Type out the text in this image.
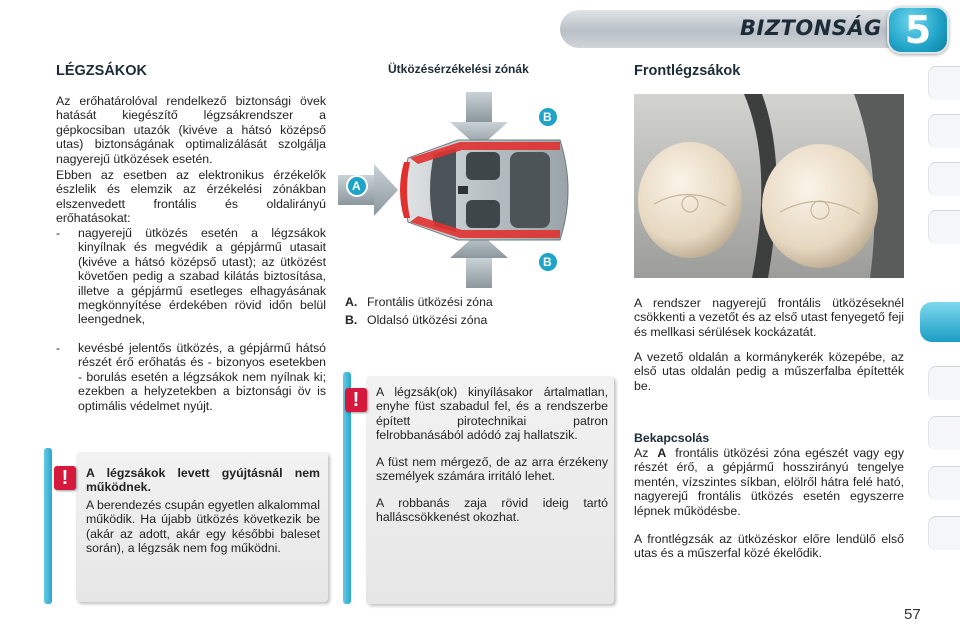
BIZTONSÁG 5
LÉGZSÁKOK
Az erőhatárolóval rendelkező biztonsági övek hatását kiegészítő légzsákrendszer a gépkocsiban utazók (kivéve a hátsó középső utas) biztonságának optimalizálását szolgálja nagyerejű ütközések esetén.
Ebben az esetben az elektronikus érzékelők észlelik és elemzik az érzékelési zónákban elszenvedett frontális és oldalirányú erőhatásokat:
- nagyerejű ütközés esetén a légzsákok kinyílnak és megvédik a gépjármű utasait (kivéve a hátsó középső utast); az ütközést követően pedig a szabad kilátás biztosítása, illetve a gépjármű esetleges elhagyásának megkönnyítése érdekében rövid időn belül leengednek,
- kevésbé jelentős ütközés, a gépjármű hátsó részét érő erőhatás és - bizonyos esetekben - borulás esetén a légzsákok nem nyílnak ki; ezekben a helyzetekben a biztonsági öv is optimális védelmet nyújt.
!	A légzsákok levett gyújtásnál nem működnek.
A berendezés csupán egyetlen alkalommal működik. Ha újabb ütközés következik be (akár az adott, akár egy későbbi baleset során), a légzsák nem fog működni.
Ütközésérzékelési zónák
A
B
B
A. Frontális ütközési zóna
B. Oldalsó ütközési zóna
!	A légzsák(ok) kinyílásakor ártalmatlan, enyhe füst szabadul fel, és a rendszerbe épített pirotechnikai patron felrobbanásából adódó zaj hallatszik.
A füst nem mérgező, de az arra érzékeny személyek számára irritáló lehet.
A robbanás zaja rövid ideig tartó halláscsökkenést okozhat.
Frontlégzsákok
A rendszer nagyerejű frontális ütközéseknél csökkenti a vezetőt és az első utast fenyegető feji és mellkasi sérülések kockázatát.
A vezető oldalán a kormánykerék közepébe, az első utas oldalán pedig a műszerfalba építették be.
Bekapcsolás
Az A frontális ütközési zóna egészét vagy egy részét érő, a gépjármű hosszirányú tengelye mentén, vízszintes síkban, elölről hátra felé ható, nagyerejű frontális ütközés esetén egyszerre lépnek működésbe.
A frontlégzsák az ütközéskor előre lendülő első utas és a műszerfal közé ékelődik.
57
